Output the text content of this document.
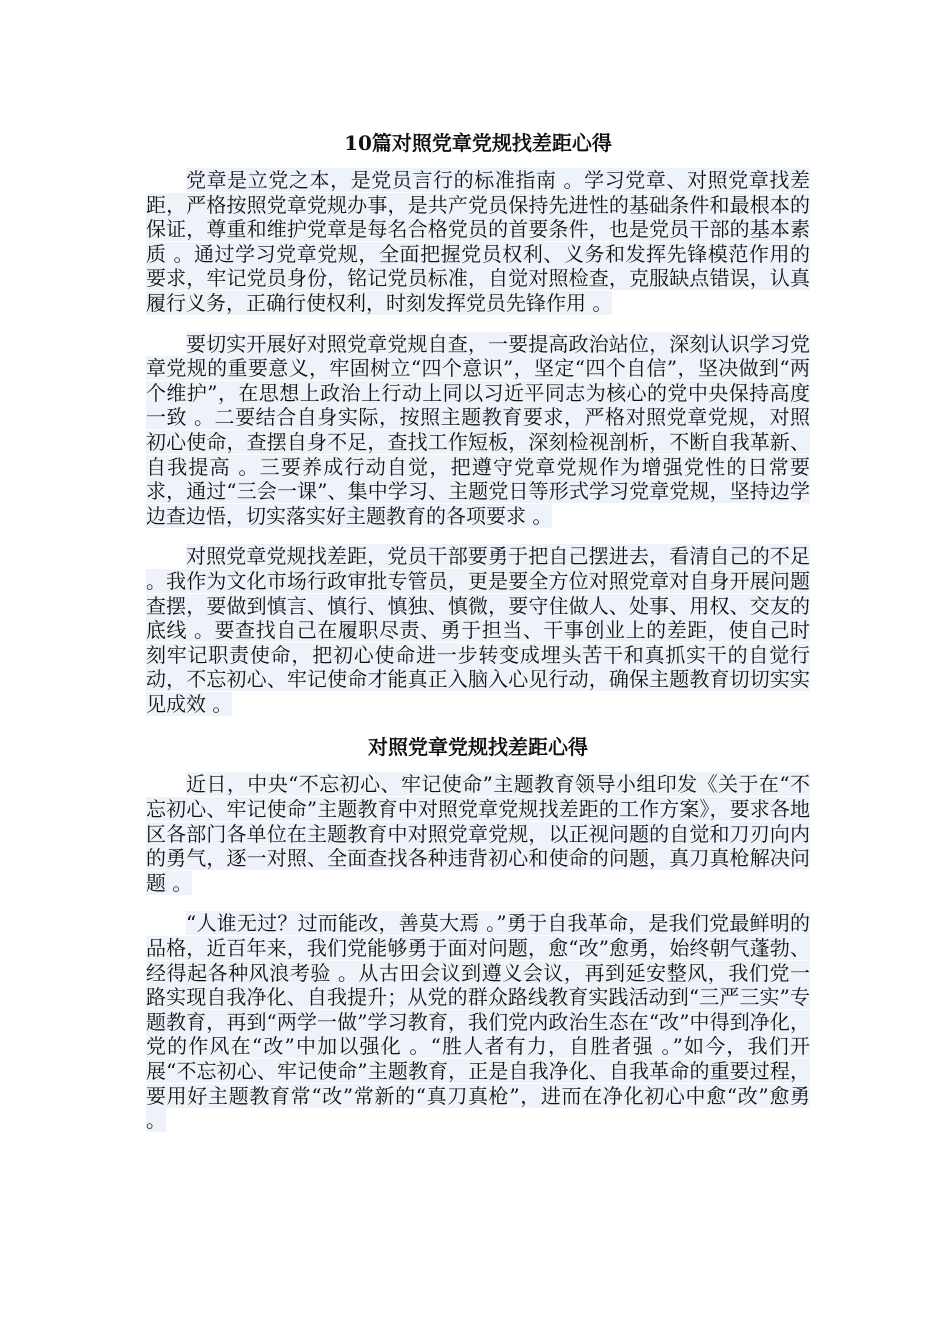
10篇对照党章党规找差距心得

党章是立党之本，是党员言行的标准指南 。学习党章、对照党章找差距，严格按照党章党规办事，是共产党员保持先进性的基础条件和最根本的保证，尊重和维护党章是每名合格党员的首要条件，也是党员干部的基本素质 。通过学习党章党规，全面把握党员权利、义务和发挥先锋模范作用的要求，牢记党员身份，铭记党员标准，自觉对照检查，克服缺点错误，认真履行义务，正确行使权利，时刻发挥党员先锋作用 。

要切实开展好对照党章党规自查，一要提高政治站位，深刻认识学习党章党规的重要意义，牢固树立“四个意识”，坚定“四个自信”，坚决做到“两个维护”，在思想上政治上行动上同以习近平同志为核心的党中央保持高度一致 。二要结合自身实际，按照主题教育要求，严格对照党章党规，对照初心使命，查摆自身不足，查找工作短板，深刻检视剖析，不断自我革新、自我提高 。三要养成行动自觉，把遵守党章党规作为增强党性的日常要求，通过“三会一课”、集中学习、主题党日等形式学习党章党规，坚持边学边查边悟，切实落实好主题教育的各项要求 。

对照党章党规找差距，党员干部要勇于把自己摆进去，看清自己的不足 。我作为文化市场行政审批专管员，更是要全方位对照党章对自身开展问题查摆，要做到慎言、慎行、慎独、慎微，要守住做人、处事、用权、交友的底线 。要查找自己在履职尽责、勇于担当、干事创业上的差距，使自己时刻牢记职责使命，把初心使命进一步转变成埋头苦干和真抓实干的自觉行动，不忘初心、牢记使命才能真正入脑入心见行动，确保主题教育切切实实见成效 。

对照党章党规找差距心得

近日，中央“不忘初心、牢记使命”主题教育领导小组印发《关于在“不忘初心、牢记使命”主题教育中对照党章党规找差距的工作方案》，要求各地区各部门各单位在主题教育中对照党章党规，以正视问题的自觉和刀刃向内的勇气，逐一对照、全面查找各种违背初心和使命的问题，真刀真枪解决问题 。

“人谁无过？过而能改，善莫大焉 。”勇于自我革命，是我们党最鲜明的品格，近百年来，我们党能够勇于面对问题，愈“改”愈勇，始终朝气蓬勃、经得起各种风浪考验 。从古田会议到遵义会议，再到延安整风，我们党一路实现自我净化、自我提升；从党的群众路线教育实践活动到“三严三实”专题教育，再到“两学一做”学习教育，我们党内政治生态在“改”中得到净化，党的作风在“改”中加以强化 。“胜人者有力，自胜者强 。”如今，我们开展“不忘初心、牢记使命”主题教育，正是自我净化、自我革命的重要过程，要用好主题教育常“改”常新的“真刀真枪”，进而在净化初心中愈“改”愈勇 。
